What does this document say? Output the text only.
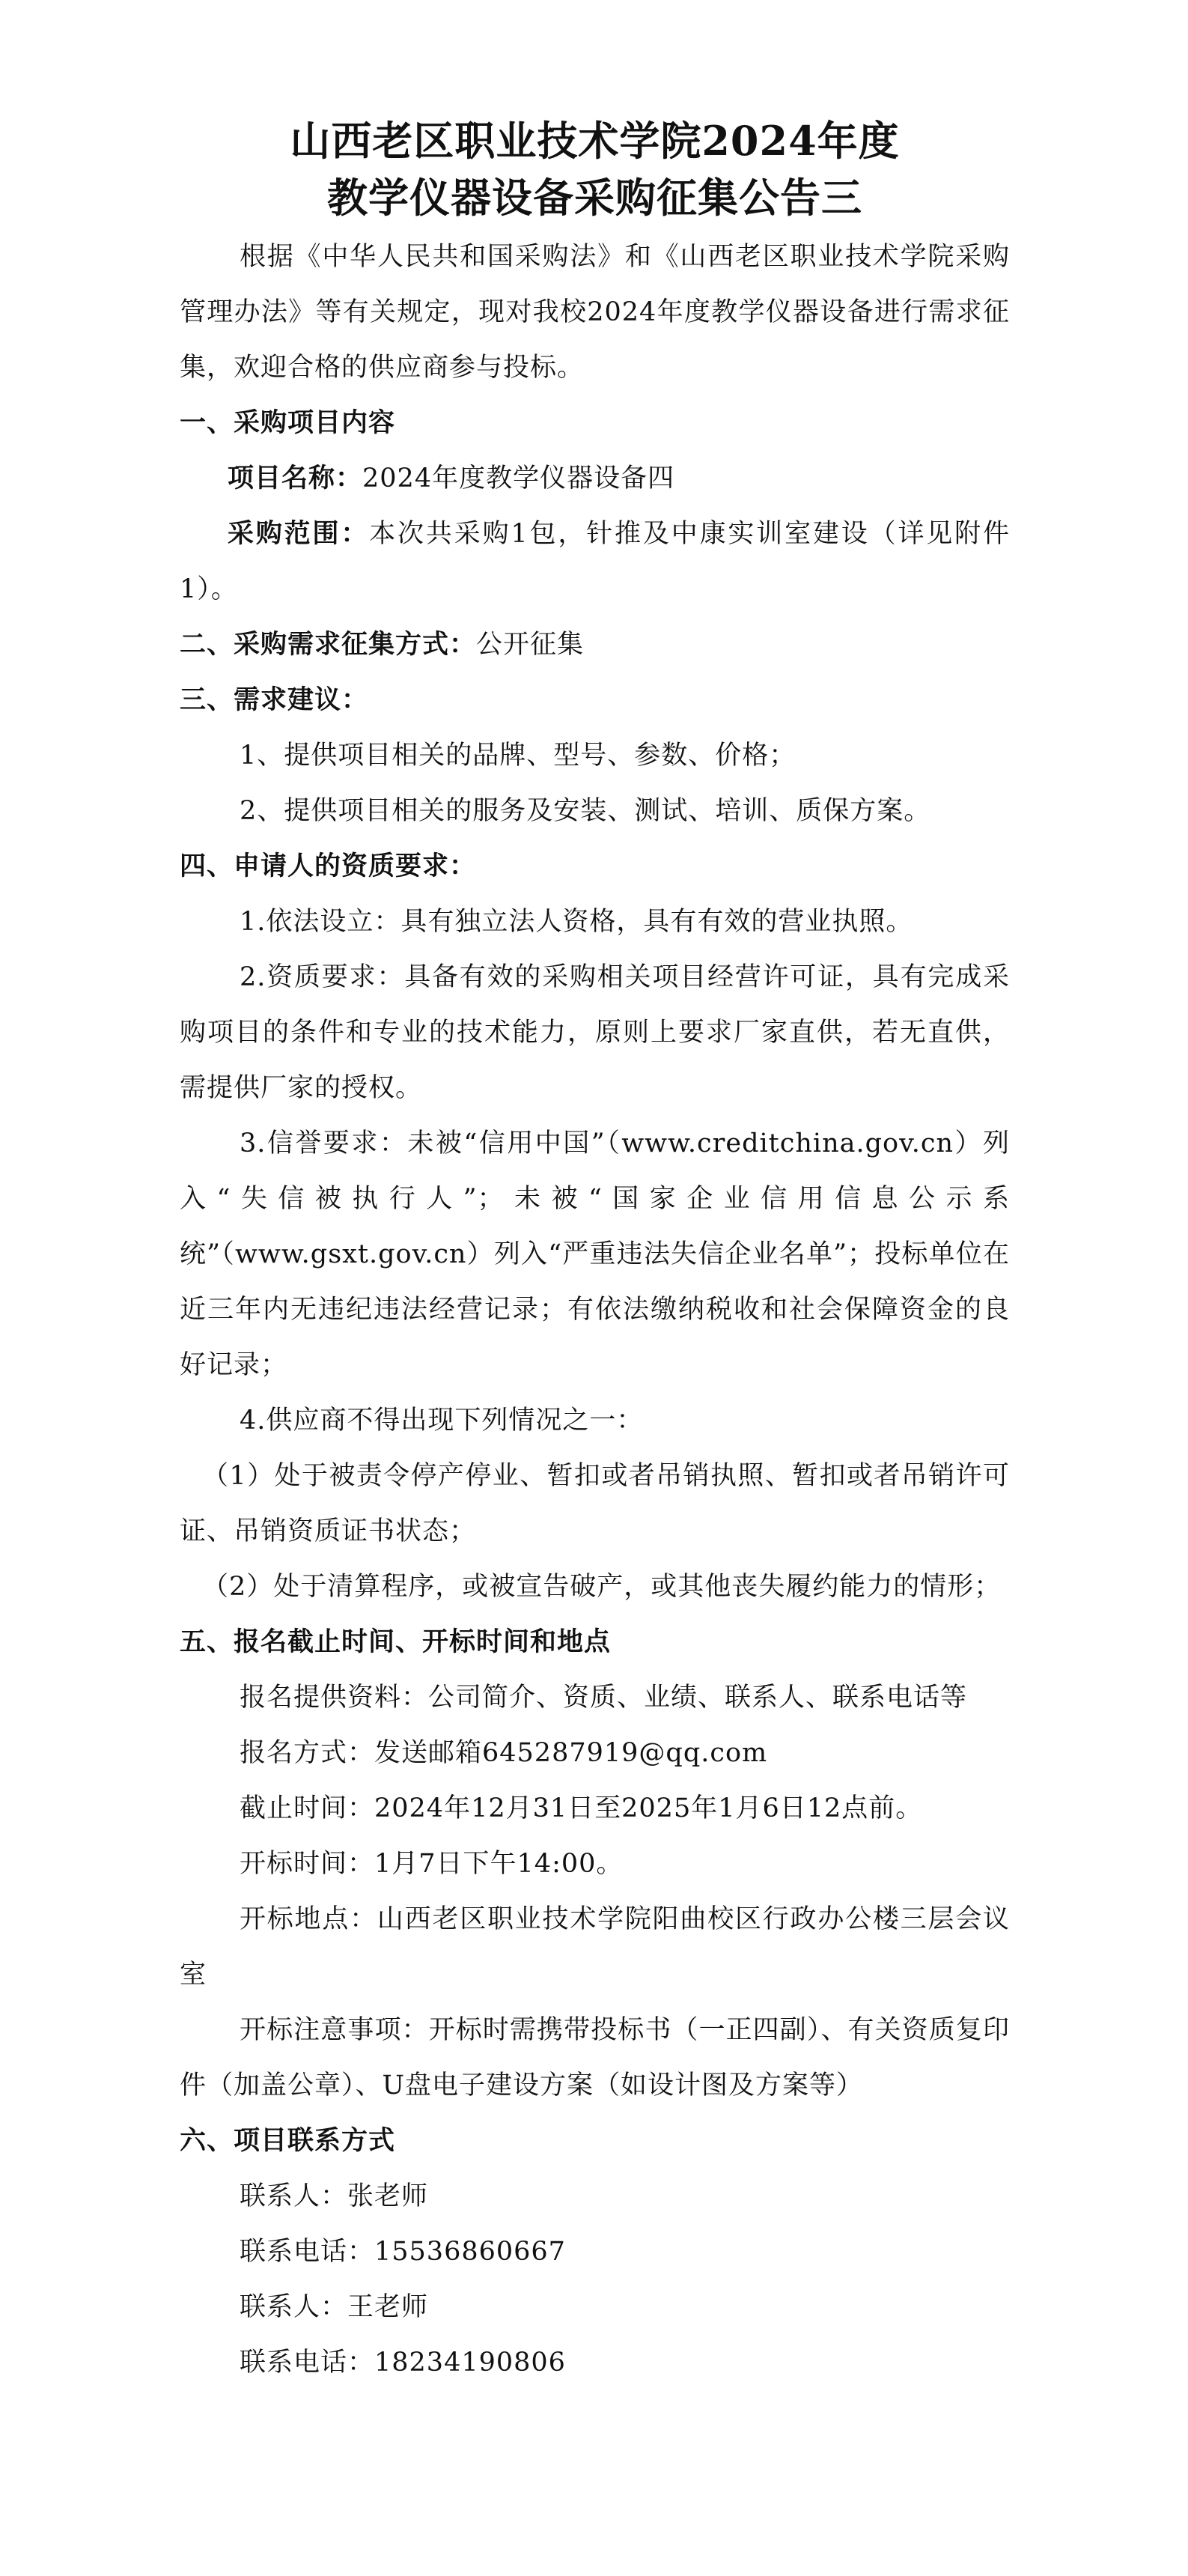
山西老区职业技术学院2024年度
教学仪器设备采购征集公告三

根据《中华人民共和国采购法》和《山西老区职业技术学院采购管理办法》等有关规定，现对我校2024年度教学仪器设备进行需求征集，欢迎合格的供应商参与投标。

一、采购项目内容

项目名称：2024年度教学仪器设备四

采购范围：本次共采购1包，针推及中康实训室建设（详见附件1）。

二、采购需求征集方式：公开征集

三、需求建议：

1、提供项目相关的品牌、型号、参数、价格；

2、提供项目相关的服务及安装、测试、培训、质保方案。

四、申请人的资质要求：

1.依法设立：具有独立法人资格，具有有效的营业执照。

2.资质要求：具备有效的采购相关项目经营许可证，具有完成采购项目的条件和专业的技术能力，原则上要求厂家直供，若无直供，需提供厂家的授权。

3.信誉要求：未被“信用中国”（www.creditchina.gov.cn）列入“失信被执行人”；未被“国家企业信用信息公示系统”（www.gsxt.gov.cn）列入“严重违法失信企业名单”；投标单位在近三年内无违纪违法经营记录；有依法缴纳税收和社会保障资金的良好记录；

4.供应商不得出现下列情况之一：

（1）处于被责令停产停业、暂扣或者吊销执照、暂扣或者吊销许可证、吊销资质证书状态；

（2）处于清算程序，或被宣告破产，或其他丧失履约能力的情形；

五、报名截止时间、开标时间和地点

报名提供资料：公司简介、资质、业绩、联系人、联系电话等

报名方式：发送邮箱645287919@qq.com

截止时间：2024年12月31日至2025年1月6日12点前。

开标时间：1月7日下午14:00。

开标地点：山西老区职业技术学院阳曲校区行政办公楼三层会议室

开标注意事项：开标时需携带投标书（一正四副）、有关资质复印件（加盖公章）、U盘电子建设方案（如设计图及方案等）

六、项目联系方式

联系人：张老师

联系电话：15536860667

联系人：王老师

联系电话：18234190806
